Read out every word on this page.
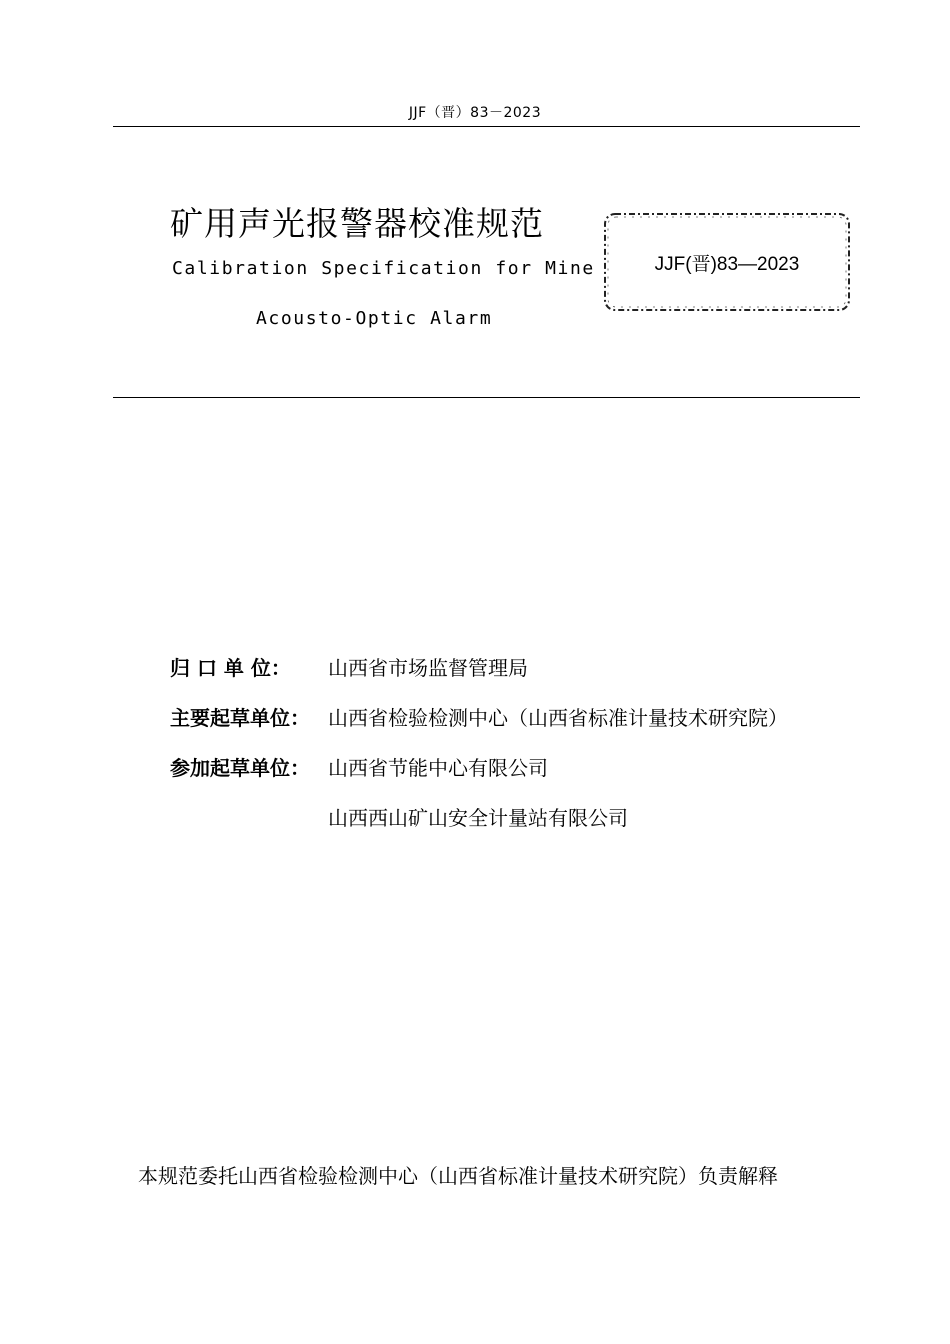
JJF（晋）83－2023
矿用声光报警器校准规范
Calibration Specification for Mine
Acousto-Optic Alarm
JJF(晋)83—2023
归 口 单 位：	山西省市场监督管理局
主要起草单位： 山西省检验检测中心（山西省标准计量技术研究院）
参加起草单位： 山西省节能中心有限公司
山西西山矿山安全计量站有限公司
本规范委托山西省检验检测中心（山西省标准计量技术研究院）负责解释
